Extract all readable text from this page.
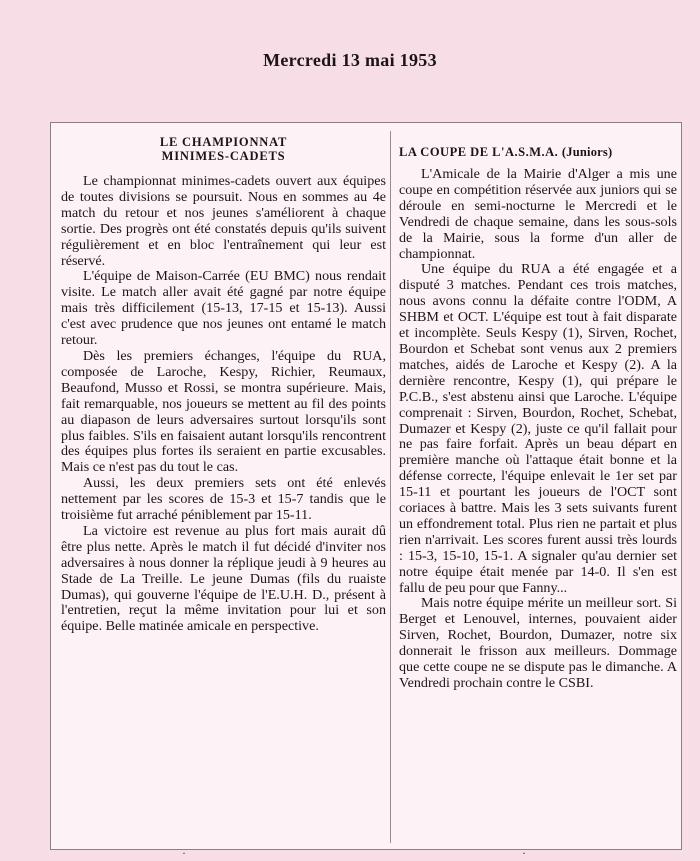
Mercredi 13 mai 1953
LE CHAMPIONNAT
MINIMES-CADETS

Le championnat minimes-cadets ouvert aux équipes de toutes divisions se poursuit. Nous en sommes au 4e match du retour et nos jeunes s'améliorent à chaque sortie. Des progrès ont été constatés depuis qu'ils suivent régulièrement et en bloc l'entraînement qui leur est réservé.

L'équipe de Maison-Carrée (EU BMC) nous rendait visite. Le match aller avait été gagné par notre équipe mais très difficilement (15-13, 17-15 et 15-13). Aussi c'est avec prudence que nos jeunes ont entamé le match retour.

Dès les premiers échanges, l'équipe du RUA, composée de Laroche, Kespy, Richier, Reumaux, Beaufond, Musso et Rossi, se montra supérieure. Mais, fait remarquable, nos joueurs se mettent au fil des points au diapason de leurs adversaires surtout lorsqu'ils sont plus faibles. S'ils en faisaient autant lorsqu'ils rencontrent des équipes plus fortes ils seraient en partie excusables. Mais ce n'est pas du tout le cas.

Aussi, les deux premiers sets ont été enlevés nettement par les scores de 15-3 et 15-7 tandis que le troisième fut arraché péniblement par 15-11.

La victoire est revenue au plus fort mais aurait dû être plus nette. Après le match il fut décidé d'inviter nos adversaires à nous donner la réplique jeudi à 9 heures au Stade de La Treille. Le jeune Dumas (fils du ruaiste Dumas), qui gouverne l'équipe de l'E.U.H. D., présent à l'entretien, reçut la même invitation pour lui et son équipe. Belle matinée amicale en perspective.

LA COUPE DE L'A.S.M.A. (Juniors)

L'Amicale de la Mairie d'Alger a mis une coupe en compétition réservée aux juniors qui se déroule en semi-nocturne le Mercredi et le Vendredi de chaque semaine, dans les sous-sols de la Mairie, sous la forme d'un aller de championnat.

Une équipe du RUA a été engagée et a disputé 3 matches. Pendant ces trois matches, nous avons connu la défaite contre l'ODM, A SHBM et OCT. L'équipe est tout à fait disparate et incomplète. Seuls Kespy (1), Sirven, Rochet, Bourdon et Schebat sont venus aux 2 premiers matches, aidés de Laroche et Kespy (2). A la dernière rencontre, Kespy (1), qui prépare le P.C.B., s'est abstenu ainsi que Laroche. L'équipe comprenait : Sirven, Bourdon, Rochet, Schebat, Dumazer et Kespy (2), juste ce qu'il fallait pour ne pas faire forfait. Après un beau départ en première manche où l'attaque était bonne et la défense correcte, l'équipe enlevait le 1er set par 15-11 et pourtant les joueurs de l'OCT sont coriaces à battre. Mais les 3 sets suivants furent un effondrement total. Plus rien ne partait et plus rien n'arrivait. Les scores furent aussi très lourds : 15-3, 15-10, 15-1. A signaler qu'au dernier set notre équipe était menée par 14-0. Il s'en est fallu de peu pour que Fanny...

Mais notre équipe mérite un meilleur sort. Si Berget et Lenouvel, internes, pouvaient aider Sirven, Rochet, Bourdon, Dumazer, notre six donnerait le frisson aux meilleurs. Dommage que cette coupe ne se dispute pas le dimanche. A Vendredi prochain contre le CSBI.

·	·
